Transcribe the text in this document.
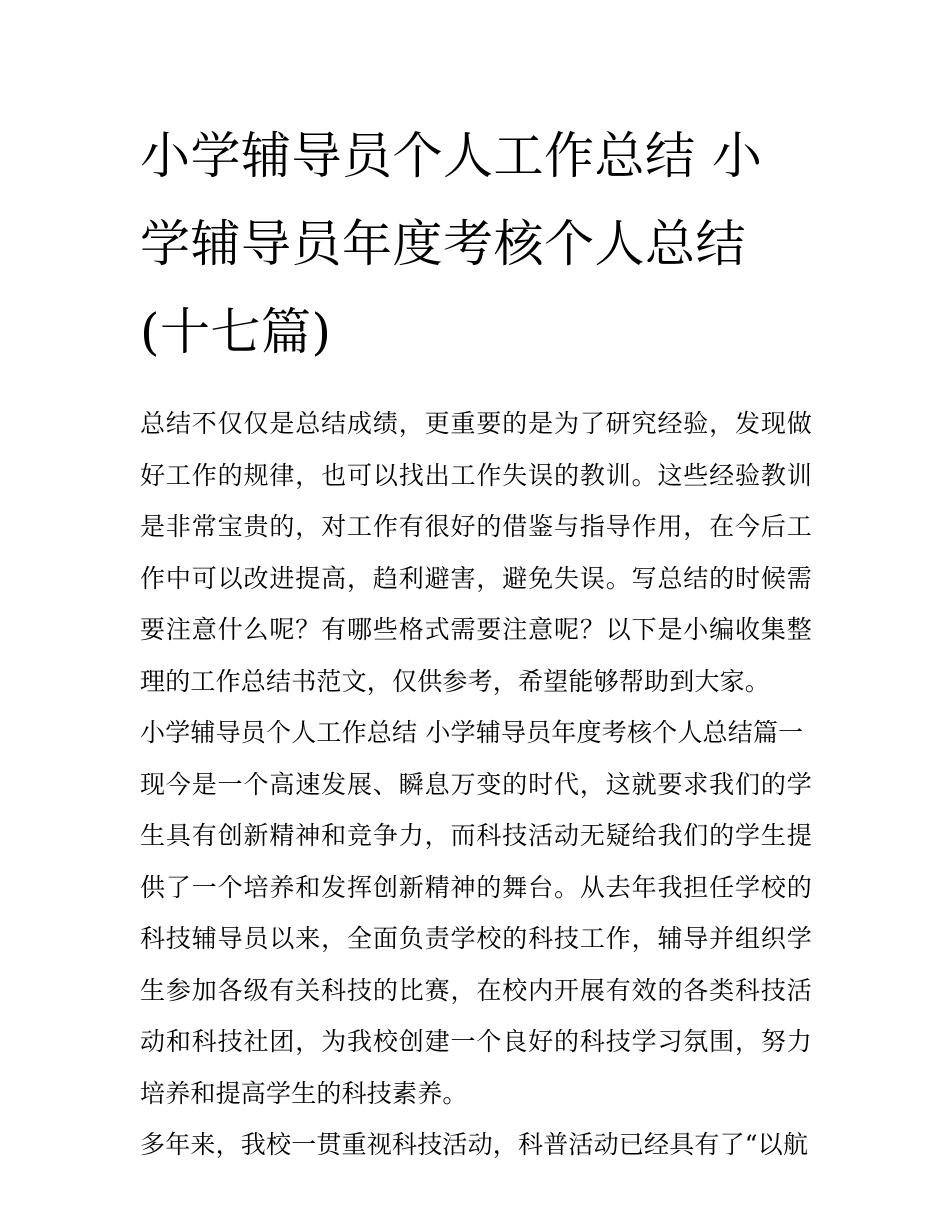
小学辅导员个人工作总结 小学辅导员年度考核个人总结(十七篇)

总结不仅仅是总结成绩，更重要的是为了研究经验，发现做好工作的规律，也可以找出工作失误的教训。这些经验教训是非常宝贵的，对工作有很好的借鉴与指导作用，在今后工作中可以改进提高，趋利避害，避免失误。写总结的时候需要注意什么呢？有哪些格式需要注意呢？以下是小编收集整理的工作总结书范文，仅供参考，希望能够帮助到大家。

小学辅导员个人工作总结 小学辅导员年度考核个人总结篇一

现今是一个高速发展、瞬息万变的时代，这就要求我们的学生具有创新精神和竞争力，而科技活动无疑给我们的学生提供了一个培养和发挥创新精神的舞台。从去年我担任学校的科技辅导员以来，全面负责学校的科技工作，辅导并组织学生参加各级有关科技的比赛，在校内开展有效的各类科技活动和科技社团，为我校创建一个良好的科技学习氛围，努力培养和提高学生的科技素养。

多年来，我校一贯重视科技活动，科普活动已经具有了“以航
